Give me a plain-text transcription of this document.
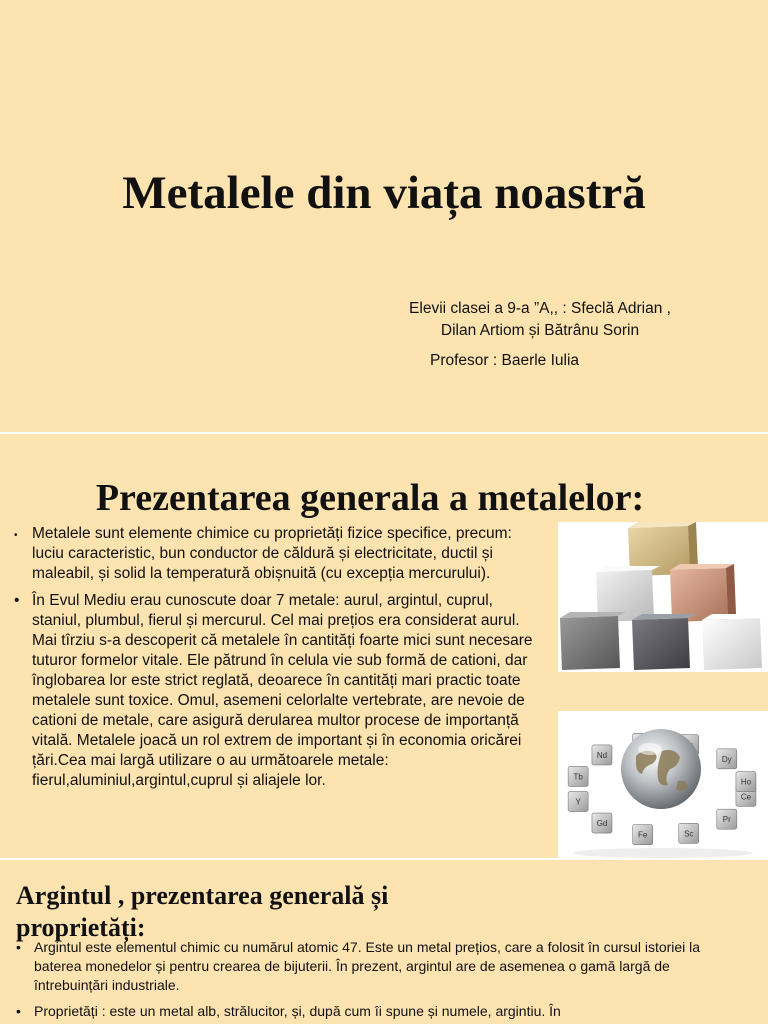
Metalele din viața noastră
Elevii clasei a 9-a ”A,, : Sfeclă Adrian ,
Dilan Artiom și Bătrânu Sorin
Profesor : Baerle Iulia
Prezentarea generala a metalelor:
• Metalele sunt elemente chimice cu proprietăți fizice specifice, precum: luciu caracteristic, bun conductor de căldură și electricitate, ductil și maleabil, și solid la temperatură obișnuită (cu excepția mercurului).
• În Evul Mediu erau cunoscute doar 7 metale: aurul, argintul, cuprul, staniul, plumbul, fierul și mercurul. Cel mai prețios era considerat aurul. Mai tîrziu s-a descoperit că metalele în cantități foarte mici sunt necesare tuturor formelor vitale. Ele pătrund în celula vie sub formă de cationi, dar înglobarea lor este strict reglată, deoarece în cantități mari practic toate metalele sunt toxice. Omul, asemeni celorlalte vertebrate, are nevoie de cationi de metale, care asigură derularea multor procese de importanță vitală. Metalele joacă un rol extrem de important și în economia oricărei țări.Cea mai largă utilizare o au următoarele metale: fierul,aluminiul,argintul,cuprul și aliajele lor.
Ce
Pr
Sc
Fe
Gd
Y
Tb
Nd	Dy
Ho
Argintul , prezentarea generală și proprietăți:
• Argintul este elementul chimic cu numărul atomic 47. Este un metal prețios, care a folosit în cursul istoriei la baterea monedelor și pentru crearea de bijuterii. În prezent, argintul are de asemenea o gamă largă de întrebuințări industriale.
• Proprietăți : este un metal alb, strălucitor, și, după cum îi spune și numele, argintiu. În
